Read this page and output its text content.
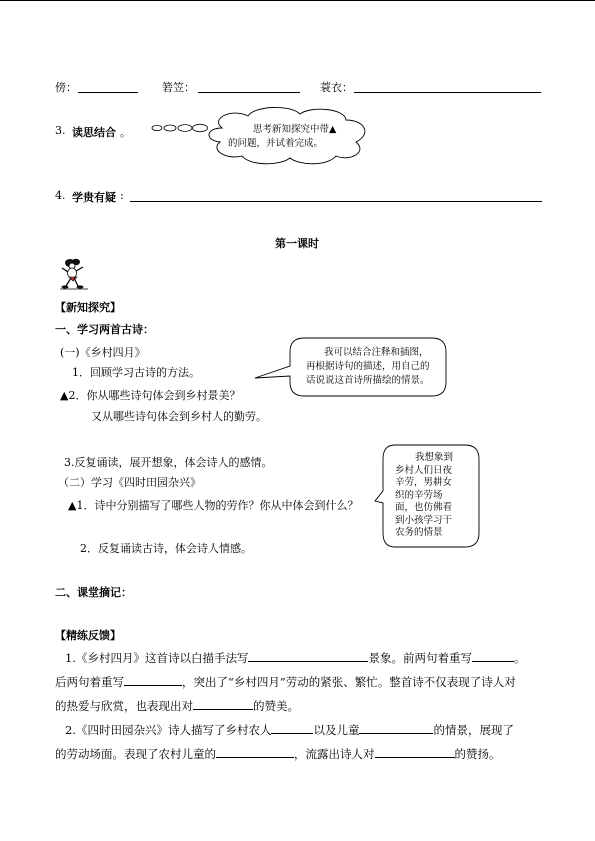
傍：	箬笠：	蓑衣：
3. 读思结合 。	思考新知探究中带▲
的问题，并试着完成。
4. 学贵有疑 :
第一课时
【新知探究】
一、学习两首古诗：
(一)《乡村四月》
1．回顾学习古诗的方法。
▲2．你从哪些诗句体会到乡村景美？
又从哪些诗句体会到乡村人的勤劳。
我可以结合注释和插图，
再根据诗句的描述，用自己的
话说说这首诗所描绘的情景。
3.反复诵读，展开想象，体会诗人的感情。
（二）学习《四时田园杂兴》
▲1．诗中分别描写了哪些人物的劳作？你从中体会到什么？
2．反复诵读古诗，体会诗人情感。
我想象到
乡村人们日夜
辛劳，男耕女
织的辛劳场
面，也仿佛看
到小孩学习干
农务的情景
二、课堂摘记：
【精练反馈】
1.《乡村四月》这首诗以白描手法写	景象。前两句着重写	。
后两句着重写	，突出了“乡村四月”劳动的紧张、繁忙。整首诗不仅表现了诗人对
的热爱与欣赏，也表现出对	的赞美。
2.《四时田园杂兴》诗人描写了乡村农人	以及儿童	的情景，展现了
的劳动场面。表现了农村儿童的	，流露出诗人对	的赞扬。
